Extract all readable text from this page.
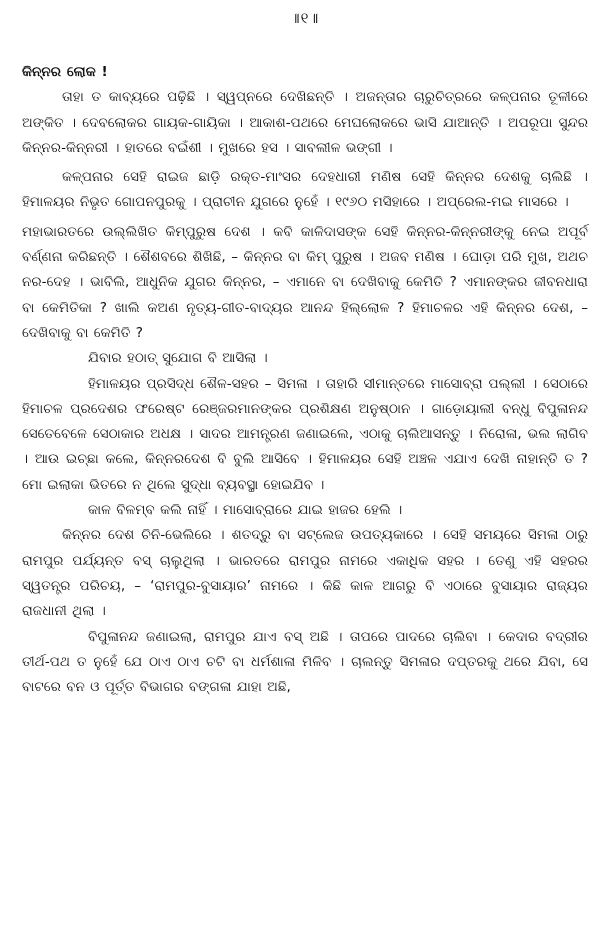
॥୧॥

କିନ୍ନର ଲୋକ !

ତାହା ତ କାବ୍ୟରେ ପଢ଼ିଛି । ସ୍ୱପ୍ନରେ ଦେଖିଛନ୍ତି । ଅଜନ୍ତାର ଚାରୁଚିତ୍ରରେ କଳ୍ପନାର ତୂଳୀରେ ଅଙ୍କିତ । ଦେବଲୋକର ଗାୟକ-ଗାୟିକା । ଆକାଶ-ପଥରେ ମେଘଲୋକରେ ଭାସି ଯାଆନ୍ତି । ଅପରୂପା ସୁନ୍ଦର କିନ୍ନର-କିନ୍ନରୀ । ହାତରେ ବଇଁଶୀ । ମୁଖରେ ହସ । ସାବଲୀଳ ଭଙ୍ଗୀ ।

କଳ୍ପନାର ସେହି ରାଇଜ ଛାଡ଼ି ରକ୍ତ-ମାଂସର ଦେହଧାରୀ ମଣିଷ ସେହି କିନ୍ନର ଦେଶକୁ ଚାଲିଛି । ହିମାଳୟର ନିଭୃତ ଗୋପନପୁରକୁ । ପ୍ରାଚୀନ ଯୁଗରେ ନୁହେଁ । ୧୯୬୦ ମସିହାରେ । ଅପ୍ରେଲ-ମଇ ମାସରେ ।

ମହାଭାରତରେ ଉଲ୍ଲିଖିତ କିମ୍ପୁରୁଷ ଦେଶ । କବି କାଳିଦାସଙ୍କ ସେହି କିନ୍ନର-କିନ୍ନରୀଙ୍କୁ ନେଇ ଅପୂର୍ବ ବର୍ଣ୍ଣନା କରିଛନ୍ତି । ଶୈଶବରେ ଶିଖିଛି, – କିନ୍ନର ବା କିମ୍ ପୁରୁଷ । ଅଜବ ମଣିଷ । ଘୋଡ଼ା ପରି ମୁଖ, ଅଥଚ ନର-ଦେହ । ଭାବିଲି, ଆଧୁନିକ ଯୁଗର କିନ୍ନର, – ଏମାନେ ବା ଦେଖିବାକୁ କେମିତି ? ଏମାନଙ୍କର ଜୀବନଧାରା ବା କେମିତିକା ? ଖାଲି କଅଣ ନୃତ୍ୟ-ଗୀତ-ବାଦ୍ୟର ଆନନ୍ଦ ହିଲ୍ଲୋଳ ? ହିମାଚଳର ଏହି କିନ୍ନର ଦେଶ, – ଦେଖିବାକୁ ବା କେମିତି ?

ଯିବାର ହଠାତ୍ ସୁଯୋଗ ବି ଆସିଲା ।

ହିମାଳୟର ପ୍ରସିଦ୍ଧ ଶୈଳ-ସହର – ସିମଳା । ତାହାରି ସୀମାନ୍ତରେ ମାସୋବ୍ରା ପଲ୍ଲୀ । ସେଠାରେ ହିମାଚଳ ପ୍ରଦେଶର ଫରେଷ୍ଟ ରେଞ୍ଜରମାନଙ୍କର ପ୍ରଶିକ୍ଷଣ ଅନୁଷ୍ଠାନ । ଗାଡ଼ୋୟାଲୀ ବନ୍ଧୁ ବିପୁଳାନନ୍ଦ ସେତେବେଳେ ସେଠାକାର ଅଧକ୍ଷ । ସାଦର ଆମନ୍ତ୍ରଣ ଜଣାଇଲେ, ଏଠାକୁ ଚାଲିଆସନ୍ତୁ । ନିରୋଳା, ଭଲ ଲାଗିବ । ଆଉ ଇଚ୍ଛା କଲେ, କିନ୍ନରଦେଶ ବି ବୁଲି ଆସିବେ । ହିମାଳୟର ସେହି ଅଞ୍ଚଳ ଏଯାଏ ଦେଖି ନାହାନ୍ତି ତ ? ମୋ ଇଲାକା ଭିତରେ ନ ଥିଲେ ସୁଦ୍ଧା ବ୍ୟବସ୍ଥା ହୋଇଯିବ ।

କାଳ ବିଳମ୍ବ କଲି ନାହିଁ । ମାସୋବ୍ରାରେ ଯାଇ ହାଜର ହେଲି ।

କିନ୍ନର ଦେଶ ଚିନି-ଭେଲିରେ । ଶତଦ୍ରୁ ବା ସଟ୍‌ଲେଜ ଉପତ୍ୟକାରେ । ସେହି ସମୟରେ ସିମଳା ଠାରୁ ରାମପୁର ପର୍ଯ୍ୟନ୍ତ ବସ୍ ଚାଲୁଥିଲା । ଭାରତରେ ରାମପୁର ନାମରେ ଏକାଧିକ ସହର । ତେଣୁ ଏହି ସହରର ସ୍ୱତନ୍ତ୍ର ପରିଚୟ, – ‘ରାମପୁର-ବୁସାୟାର’ ନାମରେ । କିଛି କାଳ ଆଗରୁ ବି ଏଠାରେ ବୁସାୟାର ରାଜ୍ୟର ରାଜଧାନୀ ଥିଲା ।

ବିପୁଳାନନ୍ଦ ଜଣାଇଲା, ରାମପୁର ଯାଏ ବସ୍ ଅଛି । ତାପରେ ପାଦରେ ଚାଲିବା । କେଦାର ବଦ୍ରୀର ତୀର୍ଥ-ପଥ ତ ନୁହେଁ ଯେ ଠାଏ ଠାଏ ଚଟି ବା ଧର୍ମଶାଳା ମିଳିବ । ଚାଲନ୍ତୁ ସିମଳାର ଦପ୍ତରକୁ ଥରେ ଯିବା, ସେ ବାଟରେ ବନ ଓ ପୂର୍ତ୍ତ ବିଭାଗର ବଙ୍ଗଳା ଯାହା ଅଛି,
